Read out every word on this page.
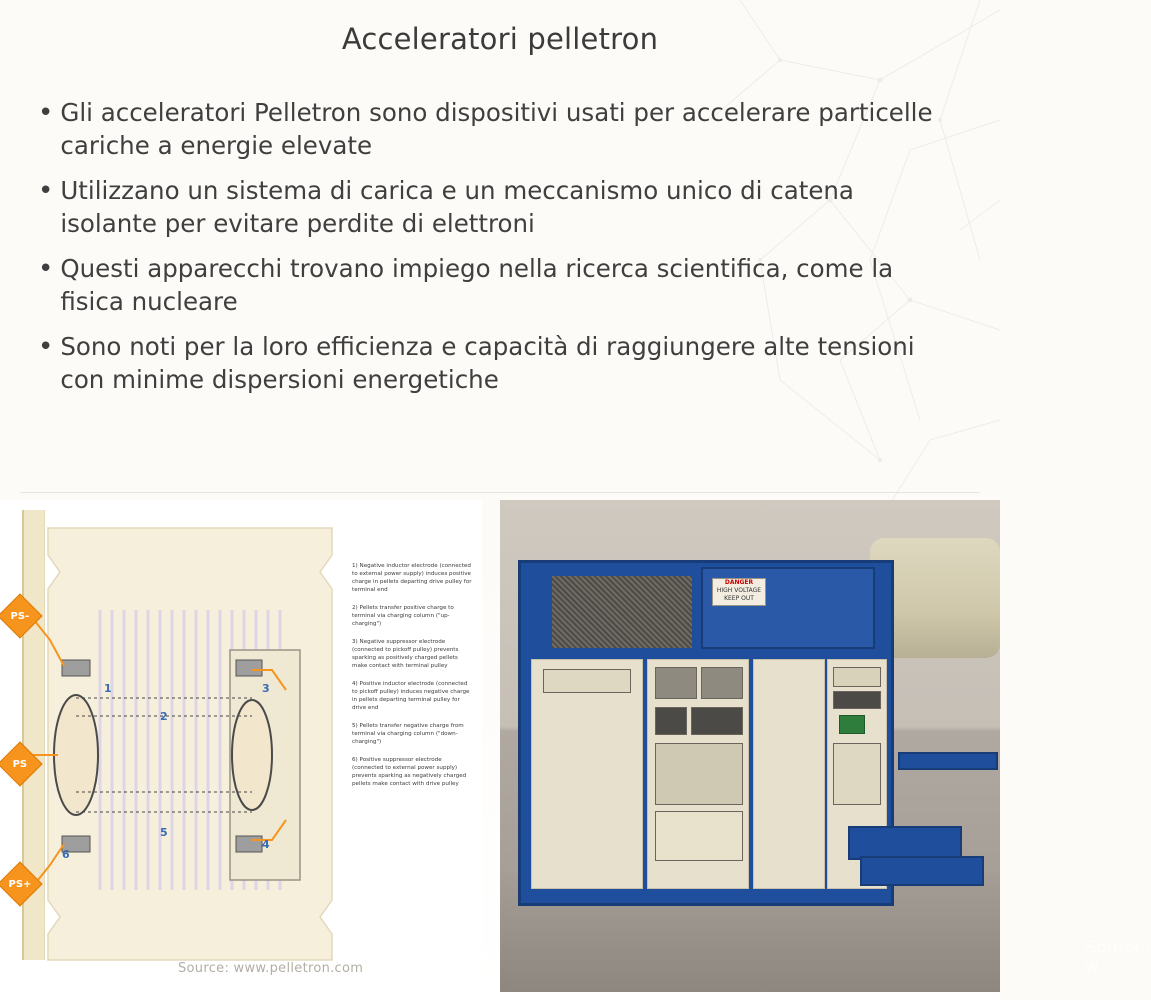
Acceleratori pelletron
• Gli acceleratori Pelletron sono dispositivi usati per accelerare particelle cariche a energie elevate
• Utilizzano un sistema di carica e un meccanismo unico di catena isolante per evitare perdite di elettroni
• Questi apparecchi trovano impiego nella ricerca scientifica, come la fisica nucleare
• Sono noti per la loro efficienza e capacità di raggiungere alte tensioni con minime dispersioni energetiche
1
2
3
4
5
6
PS-
PS
PS+

1) Negative inductor electrode (connected to external power supply) induces positive charge in pellets departing drive pulley for terminal end

2) Pellets transfer positive charge to terminal via charging column ("up-charging")

3) Negative suppressor electrode (connected to pickoff pulley) prevents sparking as positively charged pellets make contact with terminal pulley

4) Positive inductor electrode (connected to pickoff pulley) induces negative charge in pellets departing terminal pulley for drive end

5) Pellets transfer negative charge from terminal via charging column ("down-charging")

6) Positive suppressor electrode (connected to external power supply) prevents sparking as negatively charged pellets make contact with drive pulley

Source: www.pelletron.com
DANGER
HIGH VOLTAGE KEEP OUT
Source: w
